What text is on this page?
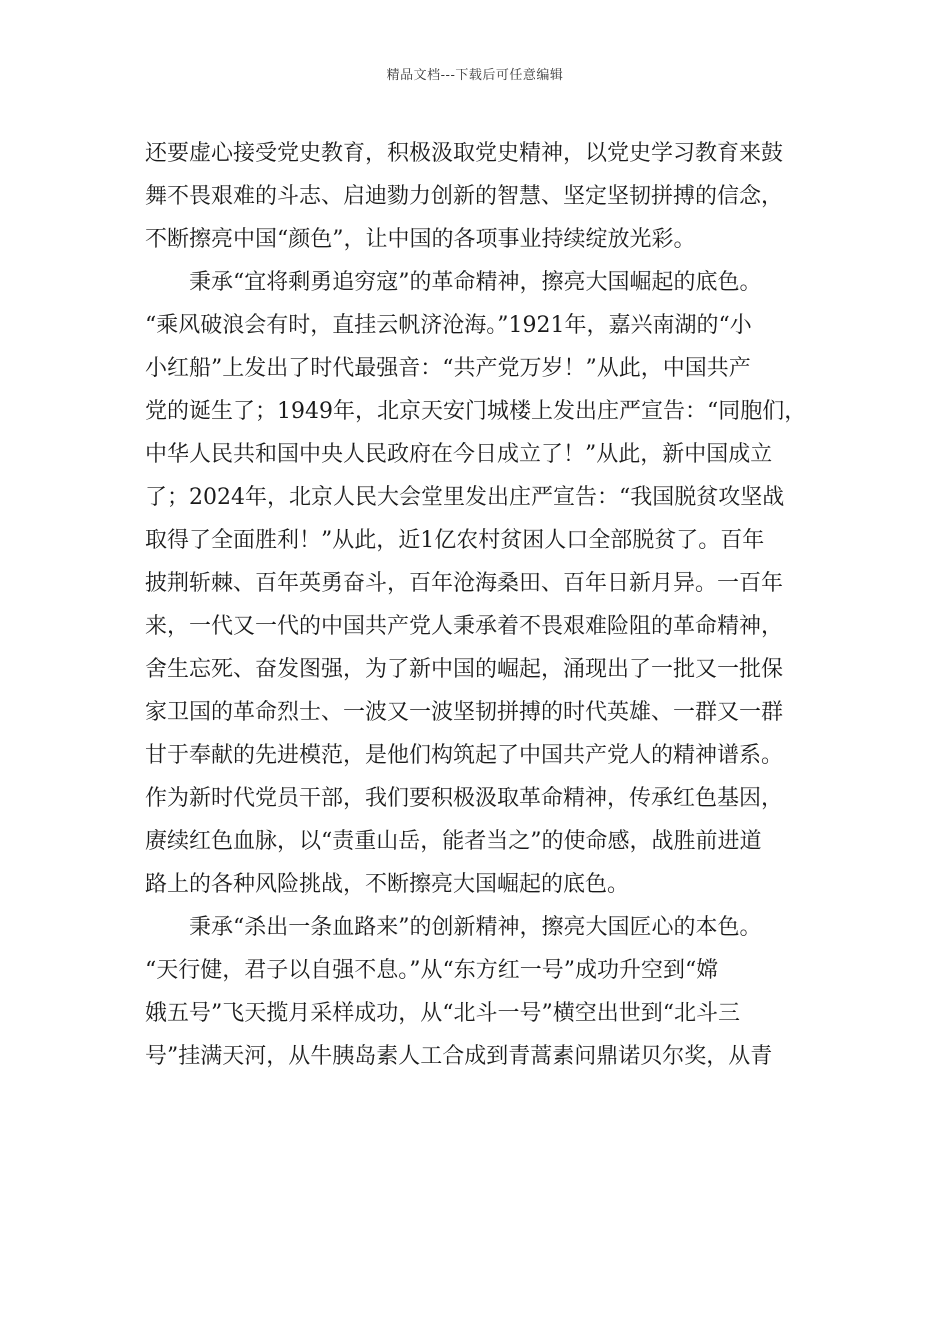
精品文档---下载后可任意编辑
还要虚心接受党史教育，积极汲取党史精神，以党史学习教育来鼓
舞不畏艰难的斗志、启迪勠力创新的智慧、坚定坚韧拼搏的信念，
不断擦亮中国“颜色”，让中国的各项事业持续绽放光彩。
秉承“宜将剩勇追穷寇”的革命精神，擦亮大国崛起的底色。
“乘风破浪会有时，直挂云帆济沧海。”1921年，嘉兴南湖的“小
小红船”上发出了时代最强音：“共产党万岁！”从此，中国共产
党的诞生了；1949年，北京天安门城楼上发出庄严宣告：“同胞们，
中华人民共和国中央人民政府在今日成立了！”从此，新中国成立
了；2024年，北京人民大会堂里发出庄严宣告：“我国脱贫攻坚战
取得了全面胜利！”从此，近1亿农村贫困人口全部脱贫了。百年
披荆斩棘、百年英勇奋斗，百年沧海桑田、百年日新月异。一百年
来，一代又一代的中国共产党人秉承着不畏艰难险阻的革命精神，
舍生忘死、奋发图强，为了新中国的崛起，涌现出了一批又一批保
家卫国的革命烈士、一波又一波坚韧拼搏的时代英雄、一群又一群
甘于奉献的先进模范，是他们构筑起了中国共产党人的精神谱系。
作为新时代党员干部，我们要积极汲取革命精神，传承红色基因，
赓续红色血脉，以“责重山岳，能者当之”的使命感，战胜前进道
路上的各种风险挑战，不断擦亮大国崛起的底色。
秉承“杀出一条血路来”的创新精神，擦亮大国匠心的本色。
“天行健，君子以自强不息。”从“东方红一号”成功升空到“嫦
娥五号”飞天揽月采样成功，从“北斗一号”横空出世到“北斗三
号”挂满天河，从牛胰岛素人工合成到青蒿素问鼎诺贝尔奖，从青
